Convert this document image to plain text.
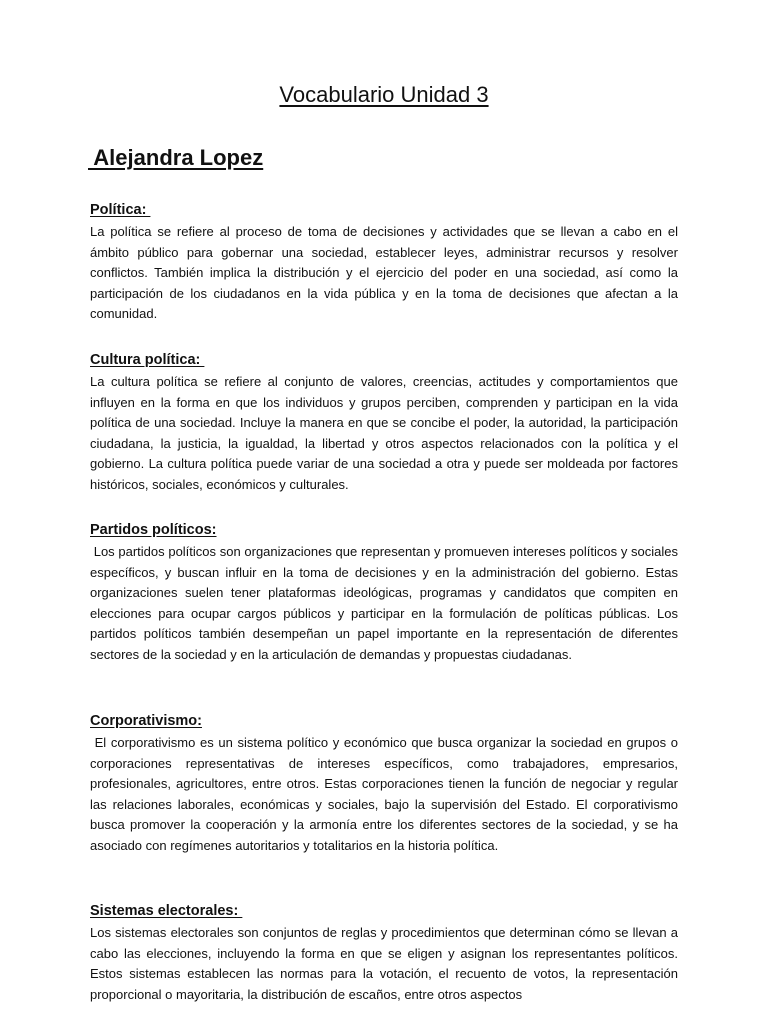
Vocabulario Unidad 3
Alejandra Lopez
Política:

La política se refiere al proceso de toma de decisiones y actividades que se llevan a cabo en el ámbito público para gobernar una sociedad, establecer leyes, administrar recursos y resolver conflictos. También implica la distribución y el ejercicio del poder en una sociedad, así como la participación de los ciudadanos en la vida pública y en la toma de decisiones que afectan a la comunidad.

Cultura política:

La cultura política se refiere al conjunto de valores, creencias, actitudes y comportamientos que influyen en la forma en que los individuos y grupos perciben, comprenden y participan en la vida política de una sociedad. Incluye la manera en que se concibe el poder, la autoridad, la participación ciudadana, la justicia, la igualdad, la libertad y otros aspectos relacionados con la política y el gobierno. La cultura política puede variar de una sociedad a otra y puede ser moldeada por factores históricos, sociales, económicos y culturales.

Partidos políticos:

Los partidos políticos son organizaciones que representan y promueven intereses políticos y sociales específicos, y buscan influir en la toma de decisiones y en la administración del gobierno. Estas organizaciones suelen tener plataformas ideológicas, programas y candidatos que compiten en elecciones para ocupar cargos públicos y participar en la formulación de políticas públicas. Los partidos políticos también desempeñan un papel importante en la representación de diferentes sectores de la sociedad y en la articulación de demandas y propuestas ciudadanas.

Corporativismo:

El corporativismo es un sistema político y económico que busca organizar la sociedad en grupos o corporaciones representativas de intereses específicos, como trabajadores, empresarios, profesionales, agricultores, entre otros. Estas corporaciones tienen la función de negociar y regular las relaciones laborales, económicas y sociales, bajo la supervisión del Estado. El corporativismo busca promover la cooperación y la armonía entre los diferentes sectores de la sociedad, y se ha asociado con regímenes autoritarios y totalitarios en la historia política.

Sistemas electorales:

Los sistemas electorales son conjuntos de reglas y procedimientos que determinan cómo se llevan a cabo las elecciones, incluyendo la forma en que se eligen y asignan los representantes políticos. Estos sistemas establecen las normas para la votación, el recuento de votos, la representación proporcional o mayoritaria, la distribución de escaños, entre otros aspectos
